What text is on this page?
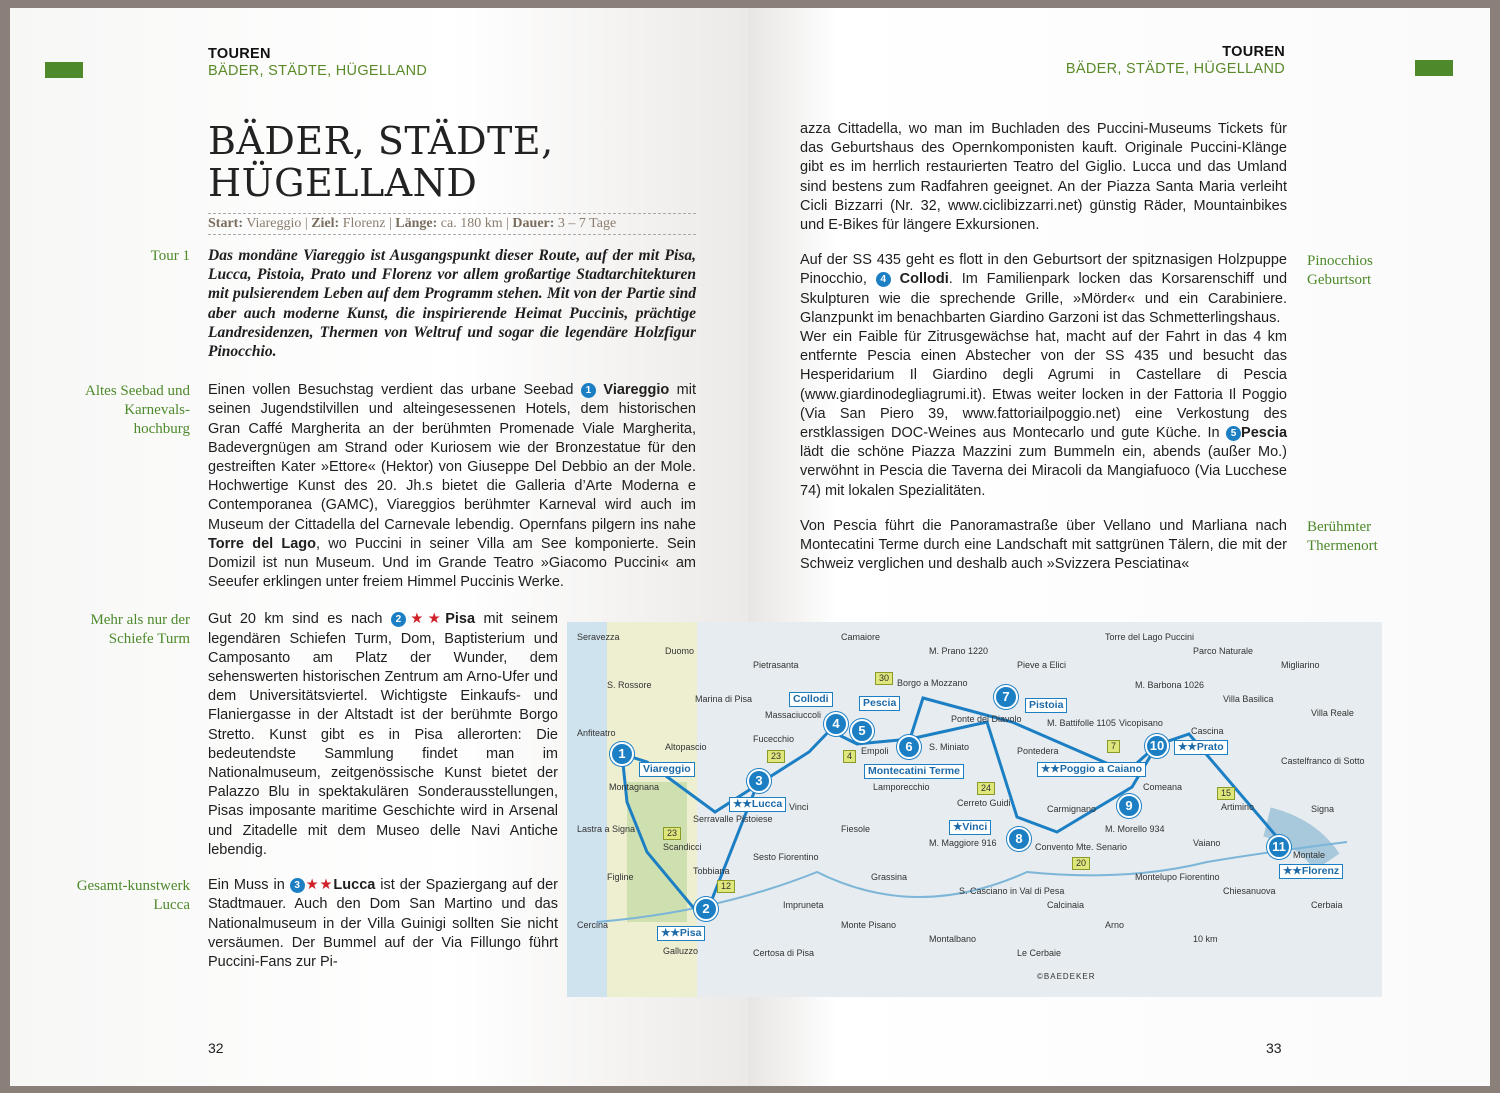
TOUREN
BÄDER, STÄDTE, HÜGELLAND
BÄDER, STÄDTE,
HÜGELLAND
Start: Viareggio | Ziel: Florenz | Länge: ca. 180 km | Dauer: 3 – 7 Tage
Tour 1 Das mondäne Viareggio ist Ausgangspunkt dieser Route, auf der mit Pisa, Lucca, Pistoia, Prato und Florenz vor allem großartige Stadtarchitekturen mit pulsierendem Leben auf dem Programm stehen. Mit von der Partie sind aber auch moderne Kunst, die inspirierende Heimat Puccinis, prächtige Landresidenzen, Thermen von Weltruf und sogar die legendäre Holzfigur Pinocchio.
Altes Seebad und Karnevals-hochburg
Einen vollen Besuchstag verdient das urbane Seebad 1 Viareggio mit seinen Jugendstilvillen und alteingesessenen Hotels, dem historischen Gran Caffé Margherita an der berühmten Promenade Viale Margherita, Badevergnügen am Strand oder Kuriosem wie der Bronzestatue für den gestreiften Kater »Ettore« (Hektor) von Giuseppe Del Debbio an der Mole. Hochwertige Kunst des 20. Jh.s bietet die Galleria d’Arte Moderna e Contemporanea (GAMC), Viareggios berühmter Karneval wird auch im Museum der Cittadella del Carnevale lebendig. Opernfans pilgern ins nahe Torre del Lago, wo Puccini in seiner Villa am See komponierte. Sein Domizil ist nun Museum. Und im Grande Teatro »Giacomo Puccini« am Seeufer erklingen unter freiem Himmel Puccinis Werke.
Mehr als nur der Schiefe Turm
Gut 20 km sind es nach 2 ★★Pisa mit seinem legendären Schiefen Turm, Dom, Baptisterium und Camposanto am Platz der Wunder, dem sehenswerten historischen Zentrum am Arno-Ufer und dem Universitätsviertel. Wichtigste Einkaufs- und Flaniergasse in der Altstadt ist der berühmte Borgo Stretto. Kunst gibt es in Pisa allerorten: Die bedeutendste Sammlung findet man im Nationalmuseum, zeitgenössische Kunst bietet der Palazzo Blu in spektakulären Sonderausstellungen, Pisas imposante maritime Geschichte wird in Arsenal und Zitadelle mit dem Museo delle Navi Antiche lebendig.
Gesamt-kunstwerk Lucca
Ein Muss in 3 ★★Lucca ist der Spaziergang auf der Stadtmauer. Auch den Dom San Martino und das Nationalmuseum in der Villa Guinigi sollten Sie nicht versäumen. Der Bummel auf der Via Fillungo führt Puccini-Fans zur Pi-
32
TOUREN
BÄDER, STÄDTE, HÜGELLAND
azza Cittadella, wo man im Buchladen des Puccini-Museums Tickets für das Geburtshaus des Opernkomponisten kauft. Originale Puccini-Klänge gibt es im herrlich restaurierten Teatro del Giglio. Lucca und das Umland sind bestens zum Radfahren geeignet. An der Piazza Santa Maria verleiht Cicli Bizzarri (Nr. 32, www.ciclibizzarri.net) günstig Räder, Mountainbikes und E-Bikes für längere Exkursionen.
Pinocchios Geburtsort
Auf der SS 435 geht es flott in den Geburtsort der spitznasigen Holzpuppe Pinocchio, 4 Collodi. Im Familienpark locken das Korsarenschiff und Skulpturen wie die sprechende Grille, »Mörder« und ein Carabiniere. Glanzpunkt im benachbarten Giardino Garzoni ist das Schmetterlingshaus.
Wer ein Faible für Zitrusgewächse hat, macht auf der Fahrt in das 4 km entfernte Pescia einen Abstecher von der SS 435 und besucht das Hesperidarium Il Giardino degli Agrumi in Castellare di Pescia (www.giardinodegliagrumi.it). Etwas weiter locken in der Fattoria Il Poggio (Via San Piero 39, www.fattoriailpoggio.net) eine Verkostung des erstklassigen DOC-Weines aus Montecarlo und gute Küche. In 5 Pescia lädt die schöne Piazza Mazzini zum Bummeln ein, abends (außer Mo.) verwöhnt in Pescia die Taverna dei Miracoli da Mangiafuoco (Via Lucchese 74) mit lokalen Spezialitäten.
Berühmter Thermenort
Von Pescia führt die Panoramastraße über Vellano und Marliana nach Montecatini Terme durch eine Landschaft mit sattgrünen Tälern, die mit der Schweiz verglichen und deshalb auch »Svizzera Pesciatina«
33
1
2
3
4	5
6
7
8
9
10
11
Viareggio
★★Pisa
★★Lucca
Collodi	Pescia
Montecatini Terme
Pistoia
★Vinci
★★Poggio a Caiano
★★Prato
★★Florenz
30
4
23
24
7
20
15
23
12
©BAEDEKER
Seravezza
Duomo
Pietrasanta
Camaiore
M. Prano 1220
Pieve a Elici
Torre del Lago Puccini
Parco Naturale
Migliarino
S. Rossore
Marina di Pisa
Massaciuccoli
Borgo a Mozzano
Ponte del Diavolo	M. Battifolle 1105
M. Barbona 1026
Villa Basilica
Villa Reale
Anfiteatro
Altopascio
Fucecchio
Empoli	S. Miniato	Pontedera
Vicopisano
Cascina
Castelfranco di Sotto
Montagnana
Serravalle Pistoiese
Vinci
Lamporecchio
Cerreto Guidi
Carmignano
Comeana
Artimino	Signa
Lastra a Signa
Scandicci
Sesto Fiorentino
Fiesole
M. Maggiore 916	Convento Mte. Senario
M. Morello 934
Vaiano
Montale
Figline
Tobbiana
Impruneta
Grassina
S. Casciano in Val di Pesa
Calcinaia
Montelupo Fiorentino
Chiesanuova
Cerbaia
Cercina
Galluzzo	Certosa di Pisa
Monte Pisano
Montalbano
Le Cerbaie
Arno
10 km
